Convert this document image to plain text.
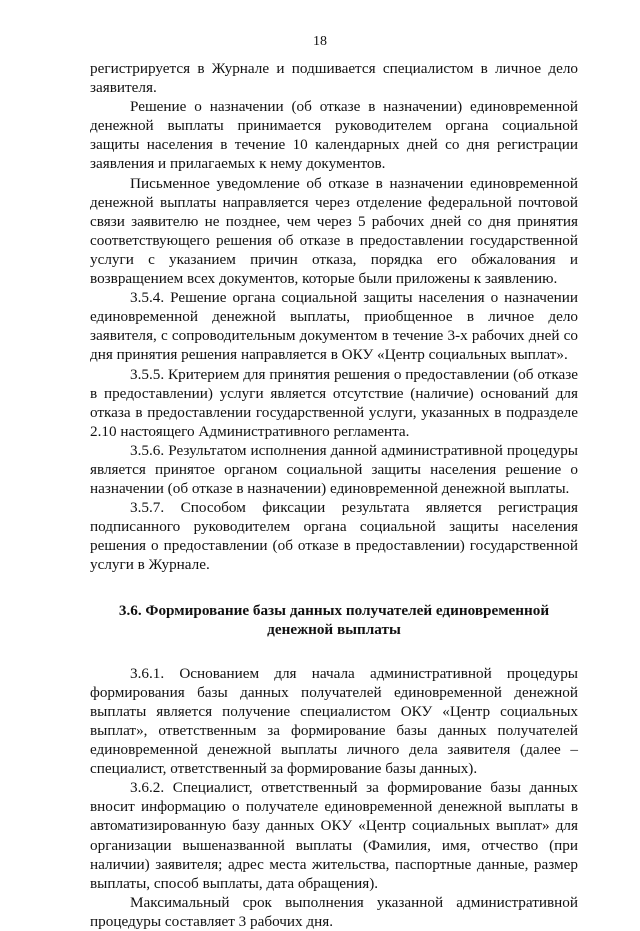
18

регистрируется в Журнале и подшивается специалистом в личное дело заявителя.

Решение о назначении (об отказе в назначении) единовременной денежной выплаты принимается руководителем органа социальной защиты населения в течение 10 календарных дней со дня регистрации заявления и прилагаемых к нему документов.

Письменное уведомление об отказе в назначении единовременной денежной выплаты направляется через отделение федеральной почтовой связи заявителю не позднее, чем через 5 рабочих дней со дня принятия соответствующего решения об отказе в предоставлении государственной услуги с указанием причин отказа, порядка его обжалования и возвращением всех документов, которые были приложены к заявлению.

3.5.4. Решение органа социальной защиты населения о назначении единовременной денежной выплаты, приобщенное в личное дело заявителя, с сопроводительным документом в течение 3-х рабочих дней со дня принятия решения направляется в ОКУ «Центр социальных выплат».

3.5.5. Критерием для принятия решения о предоставлении (об отказе в предоставлении) услуги является отсутствие (наличие) оснований для отказа в предоставлении государственной услуги, указанных в подразделе 2.10 настоящего Административного регламента.

3.5.6. Результатом исполнения данной административной процедуры является принятое органом социальной защиты населения решение о назначении (об отказе в назначении) единовременной денежной выплаты.

3.5.7. Способом фиксации результата является регистрация подписанного руководителем органа социальной защиты населения решения о предоставлении (об отказе в предоставлении) государственной услуги в Журнале.

3.6. Формирование базы данных получателей единовременной денежной выплаты

3.6.1. Основанием для начала административной процедуры формирования базы данных получателей единовременной денежной выплаты является получение специалистом ОКУ «Центр социальных выплат», ответственным за формирование базы данных получателей единовременной денежной выплаты личного дела заявителя (далее – специалист, ответственный за формирование базы данных).

3.6.2. Специалист, ответственный за формирование базы данных вносит информацию о получателе единовременной денежной выплаты в автоматизированную базу данных ОКУ «Центр социальных выплат» для организации вышеназванной выплаты (Фамилия, имя, отчество (при наличии) заявителя; адрес места жительства, паспортные данные, размер выплаты, способ выплаты, дата обращения).

Максимальный срок выполнения указанной административной процедуры составляет 3 рабочих дня.
